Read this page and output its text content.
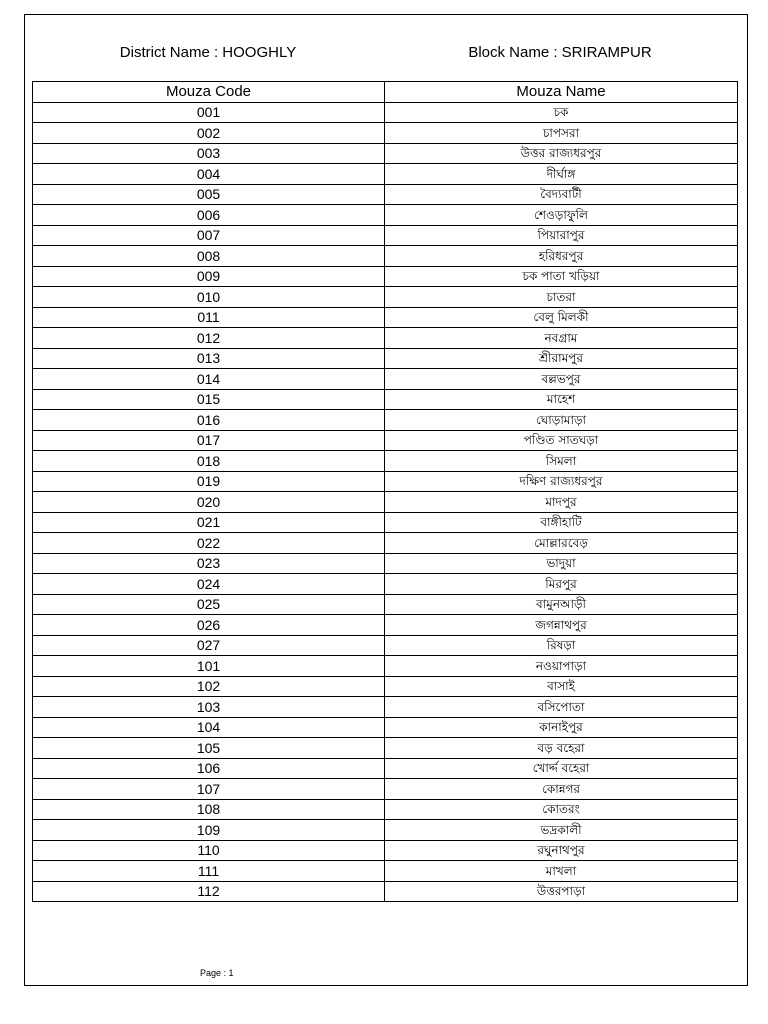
District Name : HOOGHLY	Block Name : SRIRAMPUR
Mouza Code	Mouza Name
001	চক
002	চাপসরা
003	উত্তর রাজ্যধরপুর
004	দীর্ঘাঙ্গ
005	বৈদ্যবাটী
006	শেওড়াফুলি
007	পিয়ারাপুর
008	হরিধরপুর
009	চক পাতা খড়িয়া
010	চাতরা
011	বেলু মিলকী
012	নবগ্রাম
013	শ্রীরামপুর
014	বল্লভপুর
015	মাহেশ
016	ঘোড়ামাড়া
017	পণ্ডিত সাতঘড়া
018	সিমলা
019	দক্ষিণ রাজ্যধরপুর
020	মাদপুর
021	বাঙ্গীহাটি
022	মোল্লারবেড়
023	ভাদুয়া
024	মিরপুর
025	বামুনআড়ী
026	জগন্নাথপুর
027	রিষড়া
101	নওয়াপাড়া
102	বাসাই
103	বসিপোতা
104	কানাইপুর
105	বড় বহেরা
106	খোর্দ্দ বহেরা
107	কোন্নগর
108	কোতরং
109	ভদ্রকালী
110	রঘুনাথপুর
111	মাখলা
112	উত্তরপাড়া
Page : 1
